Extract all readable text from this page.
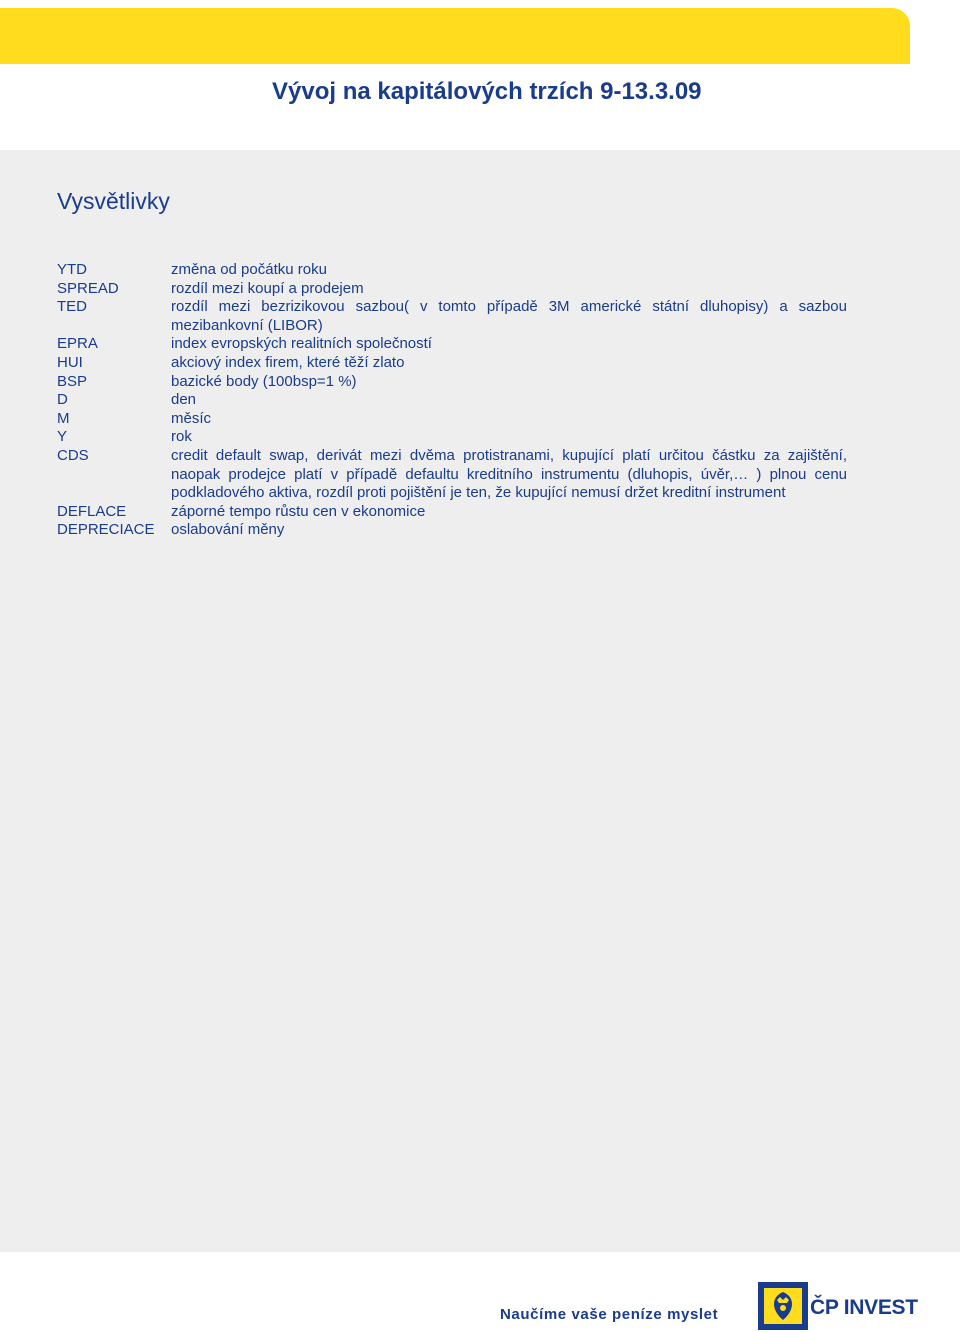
Vývoj na kapitálových trzích 9-13.3.09
Vysvětlivky
YTD	změna od počátku roku
SPREAD	rozdíl mezi koupí a prodejem
TED	rozdíl mezi bezrizikovou sazbou( v tomto případě 3M americké státní dluhopisy) a sazbou mezibankovní (LIBOR)
EPRA	index evropských realitních společností
HUI	akciový index firem, které těží zlato
BSP	bazické body (100bsp=1 %)
D	den
M	měsíc
Y	rok
CDS	credit default swap, derivát mezi dvěma protistranami, kupující platí určitou částku za zajištění, naopak prodejce platí v případě defaultu kreditního instrumentu (dluhopis, úvěr,… ) plnou cenu podkladového aktiva, rozdíl proti pojištění je ten, že kupující nemusí držet kreditní instrument
DEFLACE	záporné tempo růstu cen v ekonomice
DEPRECIACE	oslabování měny
Naučíme vaše peníze myslet	ČP INVEST
